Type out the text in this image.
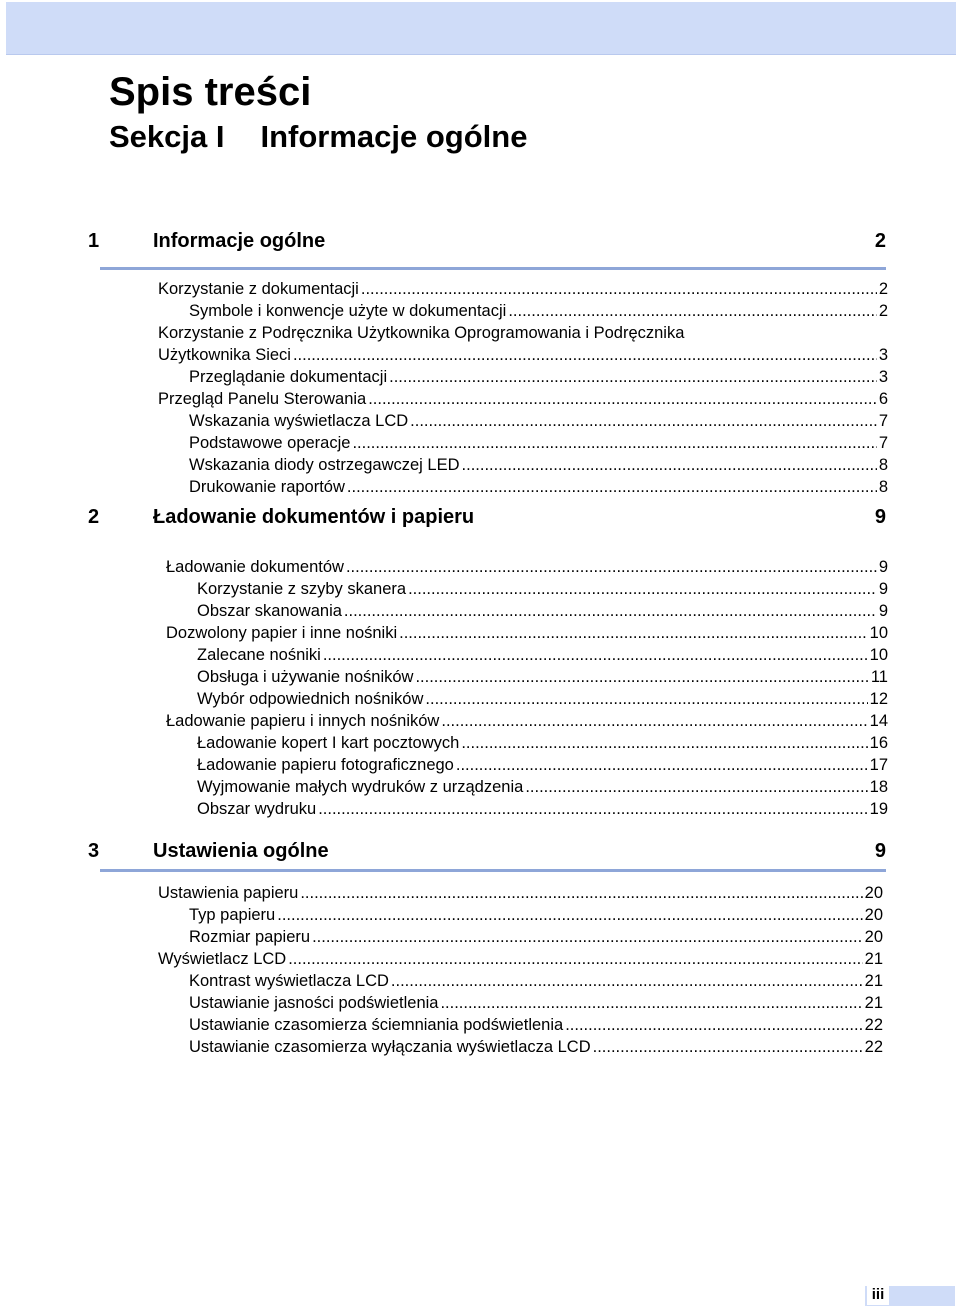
Spis treści
Sekcja I Informacje ogólne
1	Informacje ogólne	2
Korzystanie z dokumentacji .....	2
Symbole i konwencje użyte w dokumentacji .....	2
Korzystanie z Podręcznika Użytkownika Oprogramowania i Podręcznika
Użytkownika Sieci .....	3
Przeglądanie dokumentacji .....	3
Przegląd Panelu Sterowania .....	6
Wskazania wyświetlacza LCD .....	7
Podstawowe operacje .....	7
Wskazania diody ostrzegawczej LED .....	8
Drukowanie raportów .....	8
2	Ładowanie dokumentów i papieru	9
Ładowanie dokumentów .....	9
Korzystanie z szyby skanera .....	9
Obszar skanowania .....	9
Dozwolony papier i inne nośniki .....	10
Zalecane nośniki .....	10
Obsługa i używanie nośników .....	11
Wybór odpowiednich nośników .....	12
Ładowanie papieru i innych nośników .....	14
Ładowanie kopert I kart pocztowych .....	16
Ładowanie papieru fotograficznego .....	17
Wyjmowanie małych wydruków z urządzenia .....	18
Obszar wydruku .....	19
3	Ustawienia ogólne	9
Ustawienia papieru .....	20
Typ papieru .....	20
Rozmiar papieru .....	20
Wyświetlacz LCD .....	21
Kontrast wyświetlacza LCD .....	21
Ustawianie jasności podświetlenia .....	21
Ustawianie czasomierza ściemniania podświetlenia .....	22
Ustawianie czasomierza wyłączania wyświetlacza LCD .....	22
iii
